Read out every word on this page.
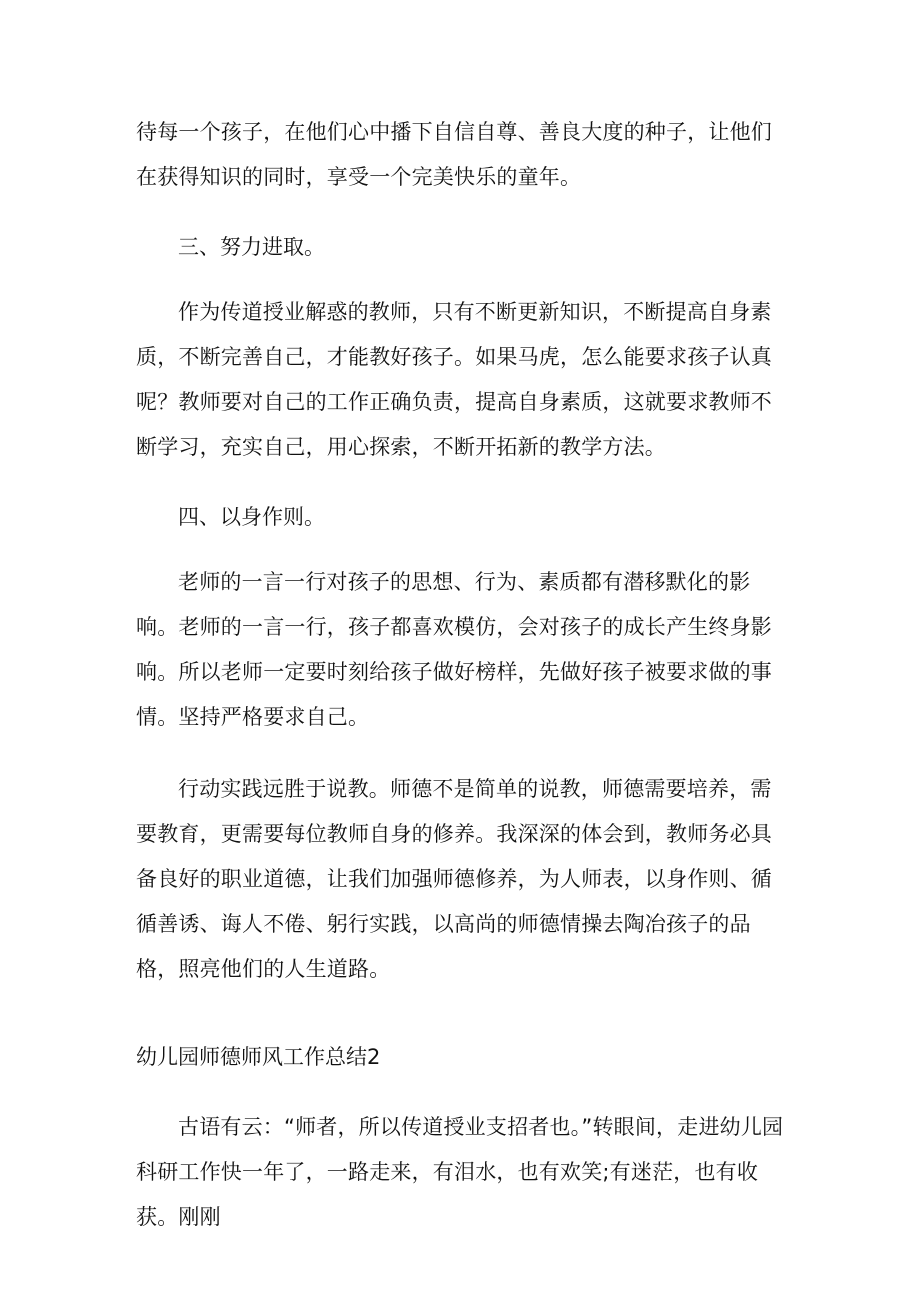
待每一个孩子，在他们心中播下自信自尊、善良大度的种子，让他们在获得知识的同时，享受一个完美快乐的童年。

三、努力进取。

作为传道授业解惑的教师，只有不断更新知识，不断提高自身素质，不断完善自己，才能教好孩子。如果马虎，怎么能要求孩子认真呢？教师要对自己的工作正确负责，提高自身素质，这就要求教师不断学习，充实自己，用心探索，不断开拓新的教学方法。

四、以身作则。

老师的一言一行对孩子的思想、行为、素质都有潜移默化的影响。老师的一言一行，孩子都喜欢模仿，会对孩子的成长产生终身影响。所以老师一定要时刻给孩子做好榜样，先做好孩子被要求做的事情。坚持严格要求自己。

行动实践远胜于说教。师德不是简单的说教，师德需要培养，需要教育，更需要每位教师自身的修养。我深深的体会到，教师务必具备良好的职业道德，让我们加强师德修养，为人师表，以身作则、循循善诱、诲人不倦、躬行实践，以高尚的师德情操去陶冶孩子的品格，照亮他们的人生道路。

幼儿园师德师风工作总结2

古语有云：“师者，所以传道授业支招者也。”转眼间，走进幼儿园科研工作快一年了，一路走来，有泪水，也有欢笑;有迷茫，也有收获。刚刚
